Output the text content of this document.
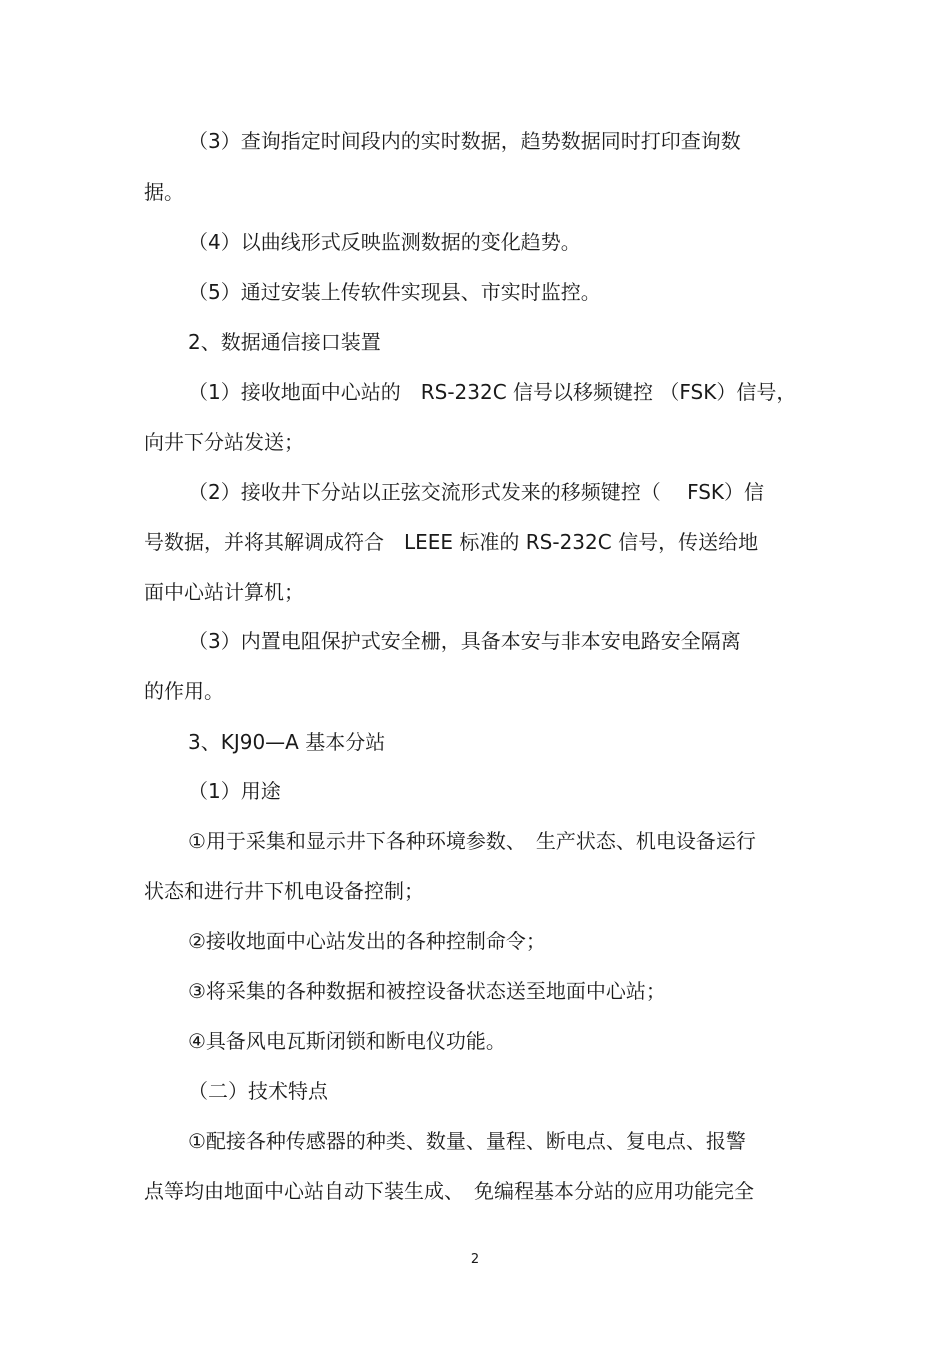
（3）查询指定时间段内的实时数据，趋势数据同时打印查询数
据。
（4）以曲线形式反映监测数据的变化趋势。
（5）通过安装上传软件实现县、市实时监控。
2、数据通信接口装置
（1）接收地面中心站的　RS-232C 信号以移频键控 （FSK）信号，
向井下分站发送；
（2）接收井下分站以正弦交流形式发来的移频键控（　 FSK）信
号数据，并将其解调成符合　LEEE 标准的 RS-232C 信号，传送给地
面中心站计算机；
（3）内置电阻保护式安全栅，具备本安与非本安电路安全隔离
的作用。
3、KJ90—A 基本分站
（1）用途
①用于采集和显示井下各种环境参数、　生产状态、机电设备运行
状态和进行井下机电设备控制；
②接收地面中心站发出的各种控制命令；
③将采集的各种数据和被控设备状态送至地面中心站；
④具备风电瓦斯闭锁和断电仪功能。
（二）技术特点
①配接各种传感器的种类、数量、量程、断电点、复电点、报警
点等均由地面中心站自动下装生成、　免编程基本分站的应用功能完全
2
